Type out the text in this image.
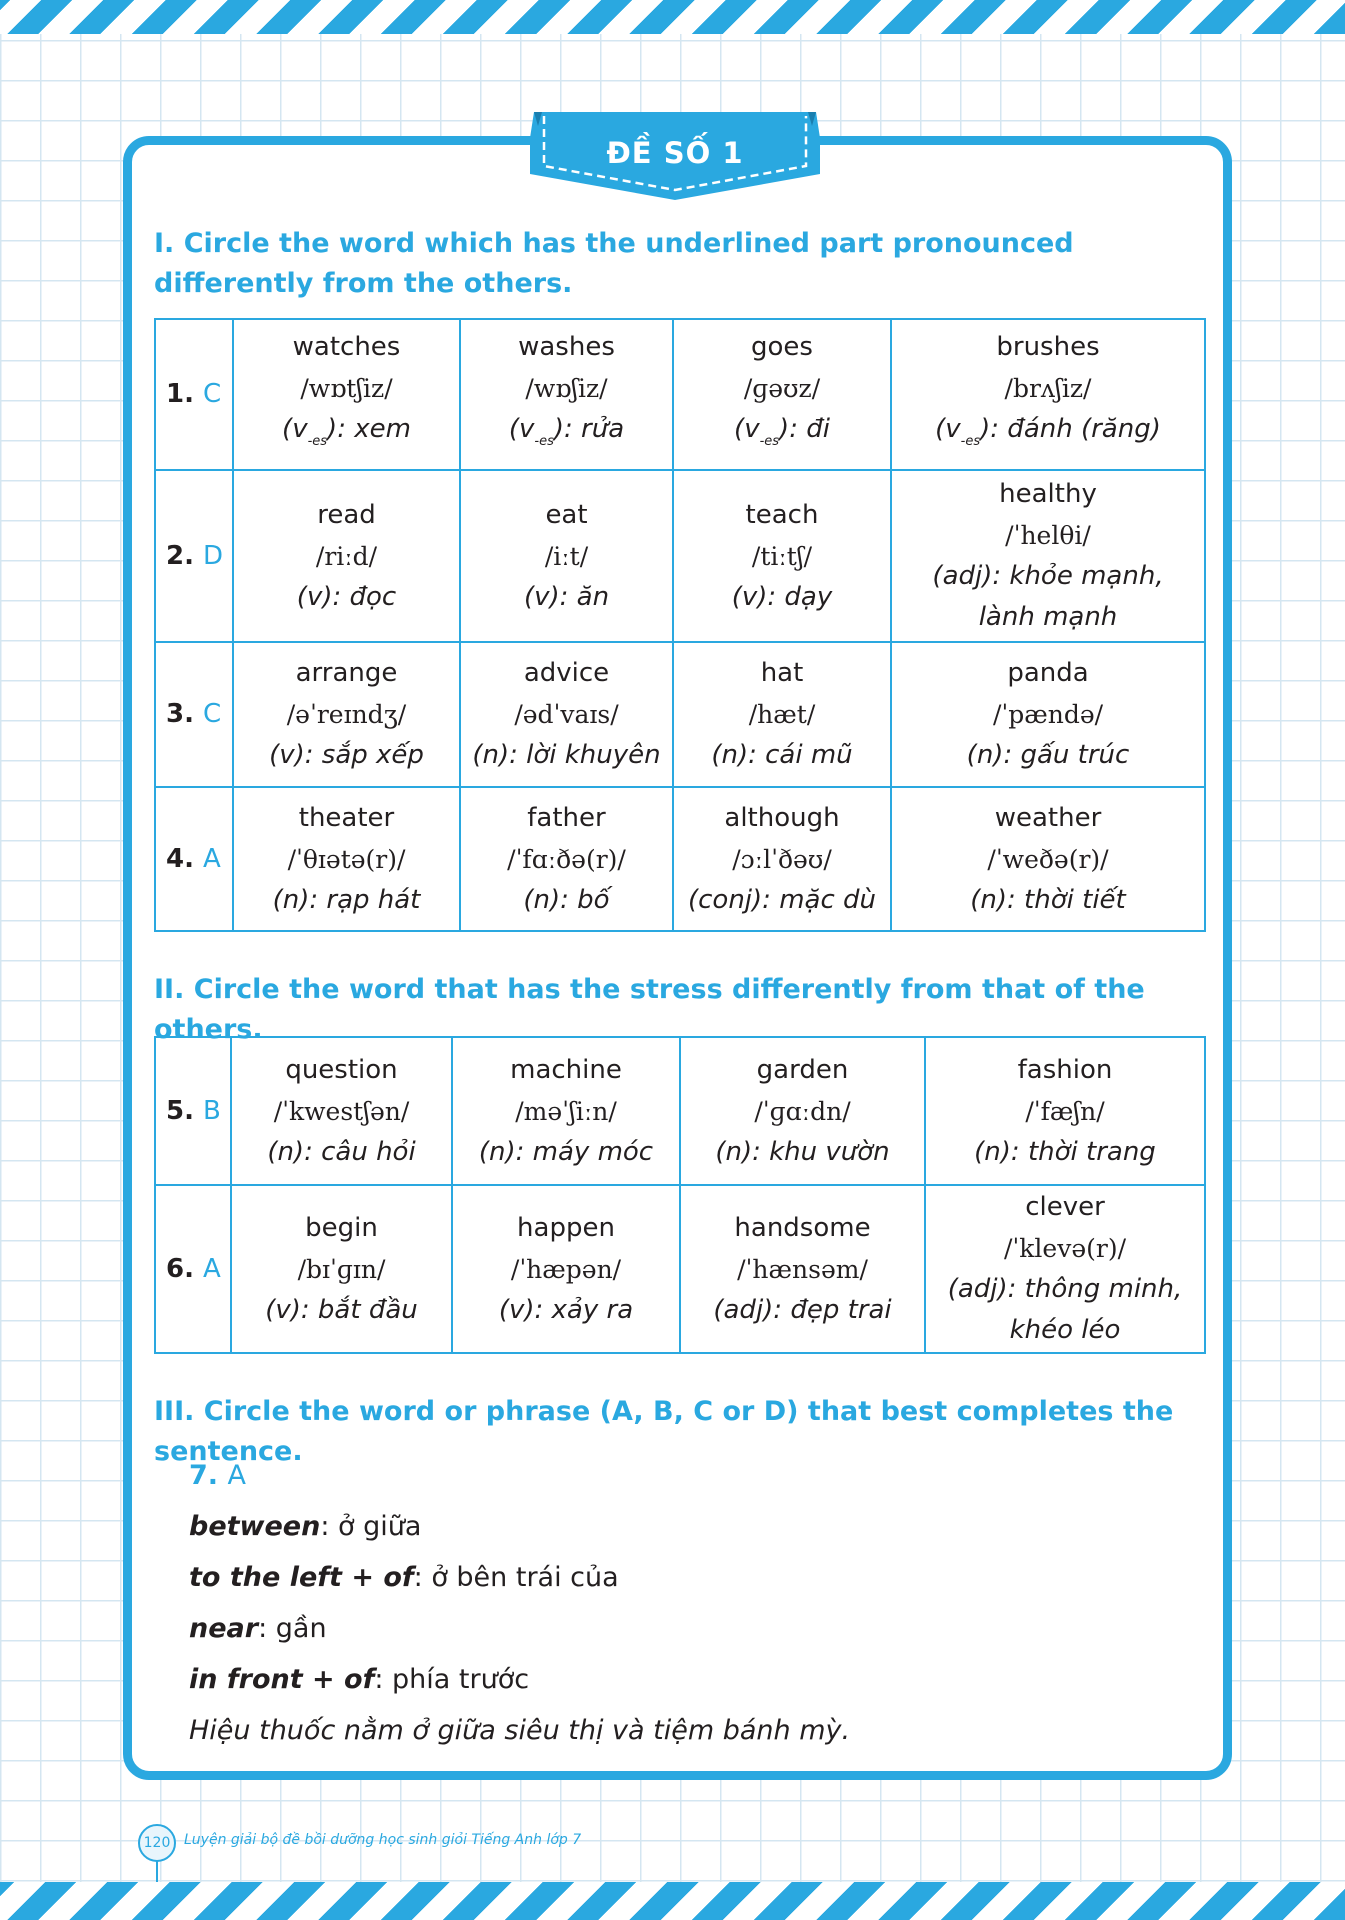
ĐỀ SỐ 1
I. Circle the word which has the underlined part pronounced differently from the others.
1. C	watches
/wɒtʃiz/
$(v_{-es})$: xem	washes
/wɒʃiz/
$(v_{-es})$: rửa	goes
/ɡəʊz/
$(v_{-es})$: đi	brushes
/brʌʃiz/
$(v_{-es})$: đánh (răng)

2. D	read
/riːd/
(v): đọc	eat
/iːt/
(v): ăn	teach
/tiːtʃ/
(v): dạy	healthy
/ˈhelθi/
(adj): khỏe mạnh,
lành mạnh

3. C	arrange
/əˈreɪndʒ/
(v): sắp xếp	advice
/ədˈvaɪs/
(n): lời khuyên	hat
/hæt/
(n): cái mũ	panda
/ˈpændə/
(n): gấu trúc

4. A	theater
/ˈθɪətə(r)/
(n): rạp hát	father
/ˈfɑːðə(r)/
(n): bố	although
/ɔːlˈðəʊ/
(conj): mặc dù	weather
/ˈweðə(r)/
(n): thời tiết
II. Circle the word that has the stress differently from that of the others.
5. B	question
/ˈkwestʃən/
(n): câu hỏi	machine
/məˈʃiːn/
(n): máy móc	garden
/ˈɡɑːdn/
(n): khu vườn	fashion
/ˈfæʃn/
(n): thời trang

6. A	begin
/bɪˈɡɪn/
(v): bắt đầu	happen
/ˈhæpən/
(v): xảy ra	handsome
/ˈhænsəm/
(adj): đẹp trai	clever
/ˈklevə(r)/
(adj): thông minh,
khéo léo
III. Circle the word or phrase (A, B, C or D) that best completes the sentence.
7. A
between: ở giữa
to the left + of: ở bên trái của
near: gần
in front + of: phía trước
Hiệu thuốc nằm ở giữa siêu thị và tiệm bánh mỳ.
120 Luyện giải bộ đề bồi dưỡng học sinh giỏi Tiếng Anh lớp 7
